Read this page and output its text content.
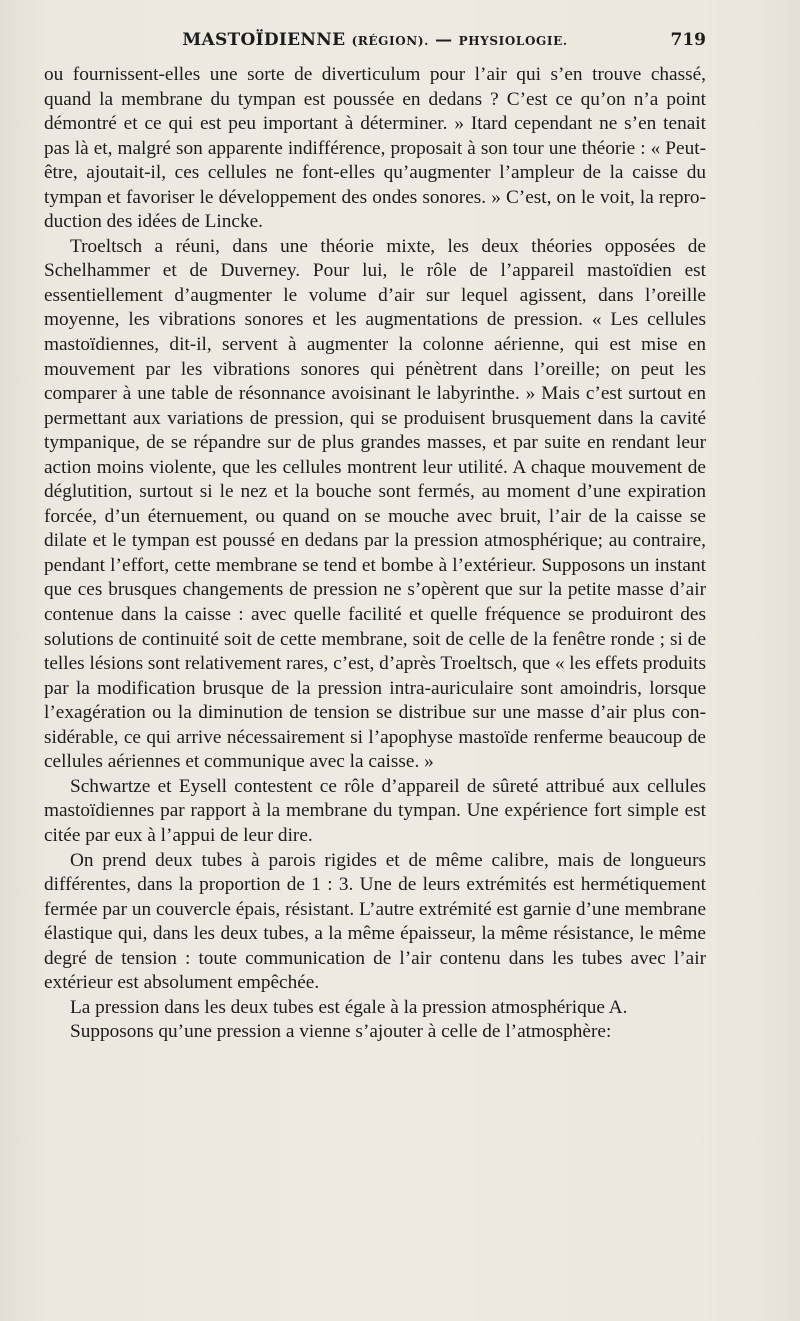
MASTOÏDIENNE (RÉGION). — PHYSIOLOGIE.	719

ou fournissent-elles une sorte de diverticulum pour l’air qui s’en trouve chassé, quand la membrane du tympan est poussée en dedans ? C’est ce qu’on n’a point démontré et ce qui est peu important à déterminer. » Itard cependant ne s’en tenait pas là et, malgré son apparente indifférence, proposait à son tour une théorie : « Peut-être, ajoutait-il, ces cellules ne font-elles qu’augmenter l’ampleur de la caisse du tympan et favoriser le développement des ondes sonores. » C’est, on le voit, la reproduction des idées de Lincke.

Troeltsch a réuni, dans une théorie mixte, les deux théories opposées de Schelhammer et de Duverney. Pour lui, le rôle de l’appareil mastoïdien est essentiellement d’augmenter le volume d’air sur lequel agissent, dans l’oreille moyenne, les vibrations sonores et les augmentations de pression. « Les cellules mastoïdiennes, dit-il, servent à augmenter la colonne aérienne, qui est mise en mouvement par les vibrations sonores qui pénètrent dans l’oreille; on peut les comparer à une table de résonnance avoisinant le labyrinthe. » Mais c’est surtout en permettant aux variations de pression, qui se produisent brusquement dans la cavité tympanique, de se répandre sur de plus grandes masses, et par suite en rendant leur action moins violente, que les cellules montrent leur utilité. A chaque mouvement de déglutition, surtout si le nez et la bouche sont fermés, au moment d’une expiration forcée, d’un éternuement, ou quand on se mouche avec bruit, l’air de la caisse se dilate et le tympan est poussé en dedans par la pression atmosphérique; au contraire, pendant l’effort, cette membrane se tend et bombe à l’extérieur. Supposons un instant que ces brusques changements de pression ne s’opèrent que sur la petite masse d’air contenue dans la caisse : avec quelle facilité et quelle fréquence se produiront des solutions de continuité soit de cette membrane, soit de celle de la fenêtre ronde ; si de telles lésions sont relativement rares, c’est, d’après Troeltsch, que « les effets produits par la modification brusque de la pression intra-auriculaire sont amoindris, lorsque l’exagération ou la diminution de tension se distribue sur une masse d’air plus considérable, ce qui arrive nécessairement si l’apophyse mastoïde renferme beaucoup de cellules aériennes et communique avec la caisse. »

Schwartze et Eysell contestent ce rôle d’appareil de sûreté attribué aux cellules mastoïdiennes par rapport à la membrane du tympan. Une expérience fort simple est citée par eux à l’appui de leur dire.

On prend deux tubes à parois rigides et de même calibre, mais de longueurs différentes, dans la proportion de 1 : 3. Une de leurs extrémités est hermétiquement fermée par un couvercle épais, résistant. L’autre extrémité est garnie d’une membrane élastique qui, dans les deux tubes, a la même épaisseur, la même résistance, le même degré de tension : toute communication de l’air contenu dans les tubes avec l’air extérieur est absolument empêchée.

La pression dans les deux tubes est égale à la pression atmosphérique A.

Supposons qu’une pression a vienne s’ajouter à celle de l’atmosphère:
